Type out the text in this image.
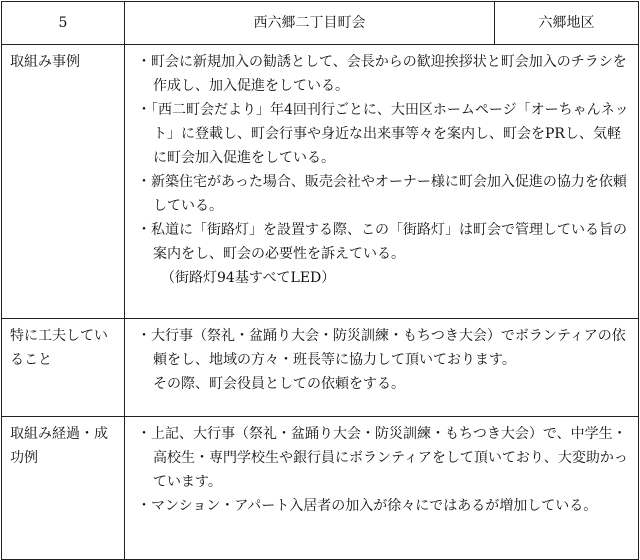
5	西六郷二丁目町会	六郷地区
取組み事例	・町会に新規加入の勧誘として、会長からの歓迎挨拶状と町会加入のチラシを作成し、加入促進をしている。

・「西二町会だより」年4回刊行ごとに、大田区ホームページ「オーちゃんネット」に登載し、町会行事や身近な出来事等々を案内し、町会をPRし、気軽に町会加入促進をしている。

・新築住宅があった場合、販売会社やオーナー様に町会加入促進の協力を依頼している。

・私道に「街路灯」を設置する際、この「街路灯」は町会で管理している旨の案内をし、町会の必要性を訴えている。

（街路灯94基すべてLED）	

特に工夫していること	・大行事（祭礼・盆踊り大会・防災訓練・もちつき大会）でボランティアの依頼をし、地域の方々・班長等に協力して頂いております。

その際、町会役員としての依頼をする。	

取組み経過・成功例	・上記、大行事（祭礼・盆踊り大会・防災訓練・もちつき大会）で、中学生・高校生・専門学校生や銀行員にボランティアをして頂いており、大変助かっています。

・マンション・アパート入居者の加入が徐々にではあるが増加している。	
